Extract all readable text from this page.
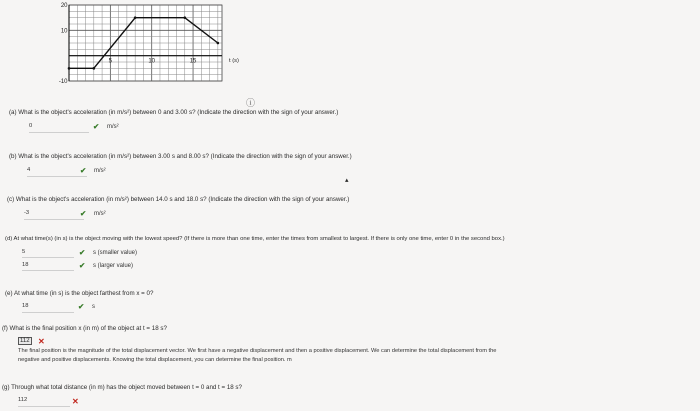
20
10
-10
5	10	15	t (s)
ⓘ
(a) What is the object's acceleration (in m/s²) between 0 and 3.00 s? (Indicate the direction with the sign of your answer.)
0	✔ m/s²
(b) What is the object's acceleration (in m/s²) between 3.00 s and 8.00 s? (Indicate the direction with the sign of your answer.)
4	✔ m/s²
▴
(c) What is the object's acceleration (in m/s²) between 14.0 s and 18.0 s? (Indicate the direction with the sign of your answer.)
-3	✔ m/s²
(d) At what time(s) (in s) is the object moving with the lowest speed? (If there is more than one time, enter the times from smallest to largest. If there is only one time, enter 0 in the second box.)
5	✔ s (smaller value)
18	✔ s (larger value)
(e) At what time (in s) is the object farthest from x = 0?
18	✔ s
(f) What is the final position x (in m) of the object at t = 18 s?
112 ✕
The final position is the magnitude of the total displacement vector. We first have a negative displacement and then a positive displacement. We can determine the total displacement from the
negative and positive displacements. Knowing the total displacement, you can determine the final position. m
(g) Through what total distance (in m) has the object moved between t = 0 and t = 18 s?
112	✕
